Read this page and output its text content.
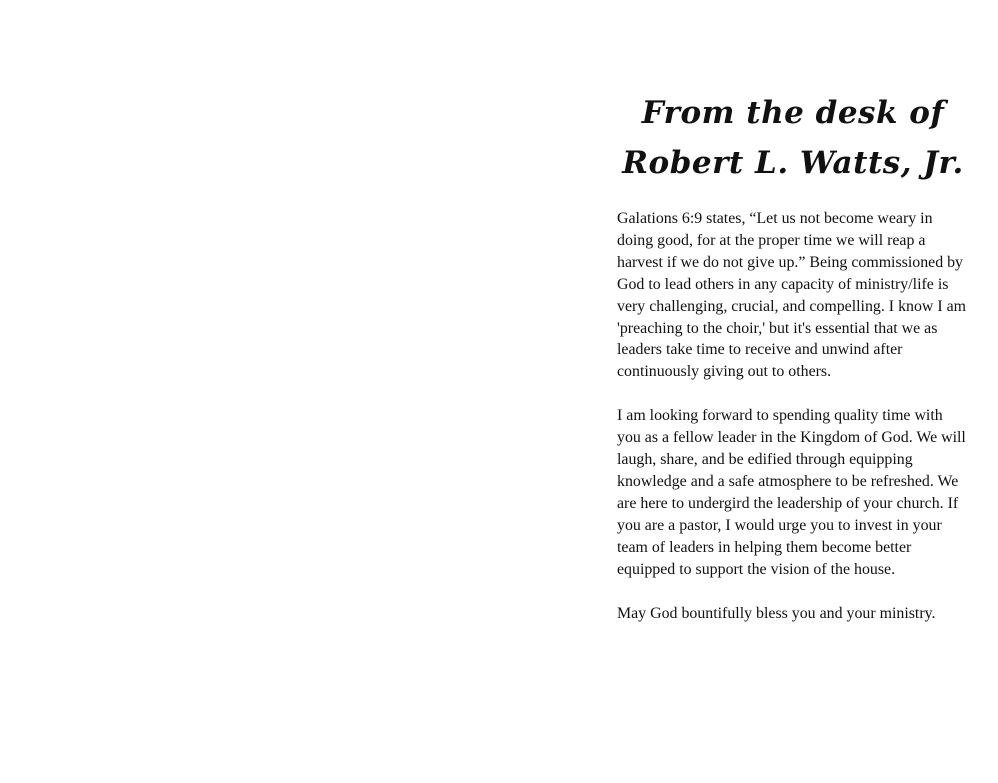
From the desk of
Robert L. Watts, Jr.

Galations 6:9 states, “Let us not become weary in doing good, for at the proper time we will reap a harvest if we do not give up.” Being commissioned by God to lead others in any capacity of ministry/life is very challenging, crucial, and compelling. I know I am 'preaching to the choir,' but it's essential that we as leaders take time to receive and unwind after continuously giving out to others.

I am looking forward to spending quality time with you as a fellow leader in the Kingdom of God. We will laugh, share, and be edified through equipping knowledge and a safe atmosphere to be refreshed. We are here to undergird the leadership of your church. If you are a pastor, I would urge you to invest in your team of leaders in helping them become better equipped to support the vision of the house.

May God bountifully bless you and your ministry.
